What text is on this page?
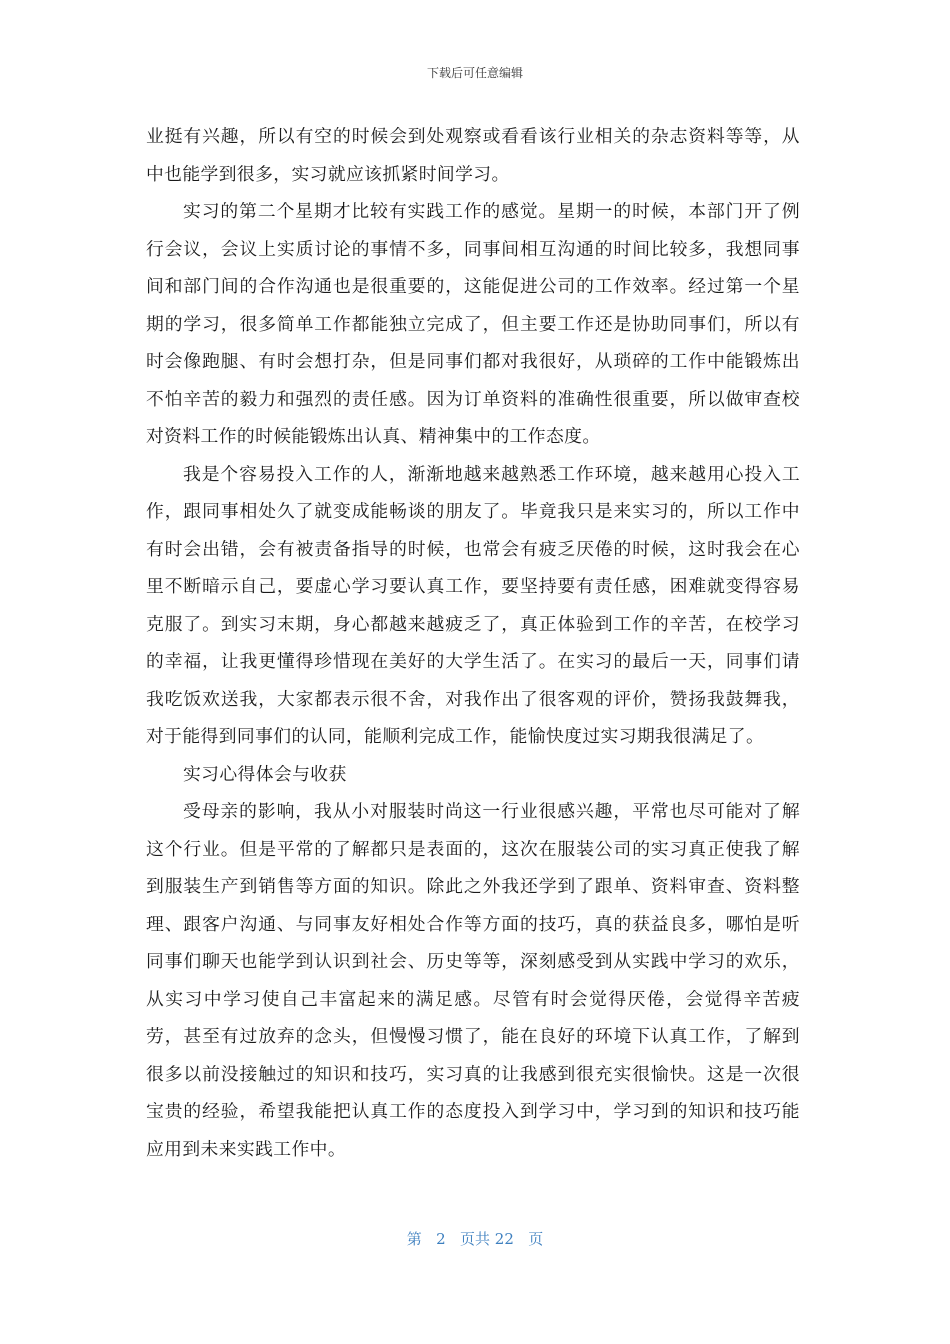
下载后可任意编辑

业挺有兴趣，所以有空的时候会到处观察或看看该行业相关的杂志资料等等，从中也能学到很多，实习就应该抓紧时间学习。

实习的第二个星期才比较有实践工作的感觉。星期一的时候，本部门开了例行会议，会议上实质讨论的事情不多，同事间相互沟通的时间比较多，我想同事间和部门间的合作沟通也是很重要的，这能促进公司的工作效率。经过第一个星期的学习，很多简单工作都能独立完成了，但主要工作还是协助同事们，所以有时会像跑腿、有时会想打杂，但是同事们都对我很好，从琐碎的工作中能锻炼出不怕辛苦的毅力和强烈的责任感。因为订单资料的准确性很重要，所以做审查校对资料工作的时候能锻炼出认真、精神集中的工作态度。

我是个容易投入工作的人，渐渐地越来越熟悉工作环境，越来越用心投入工作，跟同事相处久了就变成能畅谈的朋友了。毕竟我只是来实习的，所以工作中有时会出错，会有被责备指导的时候，也常会有疲乏厌倦的时候，这时我会在心里不断暗示自己，要虚心学习要认真工作，要坚持要有责任感，困难就变得容易克服了。到实习末期，身心都越来越疲乏了，真正体验到工作的辛苦，在校学习的幸福，让我更懂得珍惜现在美好的大学生活了。在实习的最后一天，同事们请我吃饭欢送我，大家都表示很不舍，对我作出了很客观的评价，赞扬我鼓舞我，对于能得到同事们的认同，能顺利完成工作，能愉快度过实习期我很满足了。

实习心得体会与收获

受母亲的影响，我从小对服装时尚这一行业很感兴趣，平常也尽可能对了解这个行业。但是平常的了解都只是表面的，这次在服装公司的实习真正使我了解到服装生产到销售等方面的知识。除此之外我还学到了跟单、资料审查、资料整理、跟客户沟通、与同事友好相处合作等方面的技巧，真的获益良多，哪怕是听同事们聊天也能学到认识到社会、历史等等，深刻感受到从实践中学习的欢乐，从实习中学习使自己丰富起来的满足感。尽管有时会觉得厌倦，会觉得辛苦疲劳，甚至有过放弃的念头，但慢慢习惯了，能在良好的环境下认真工作，了解到很多以前没接触过的知识和技巧，实习真的让我感到很充实很愉快。这是一次很宝贵的经验，希望我能把认真工作的态度投入到学习中，学习到的知识和技巧能应用到未来实践工作中。

第 2 页共 22 页
